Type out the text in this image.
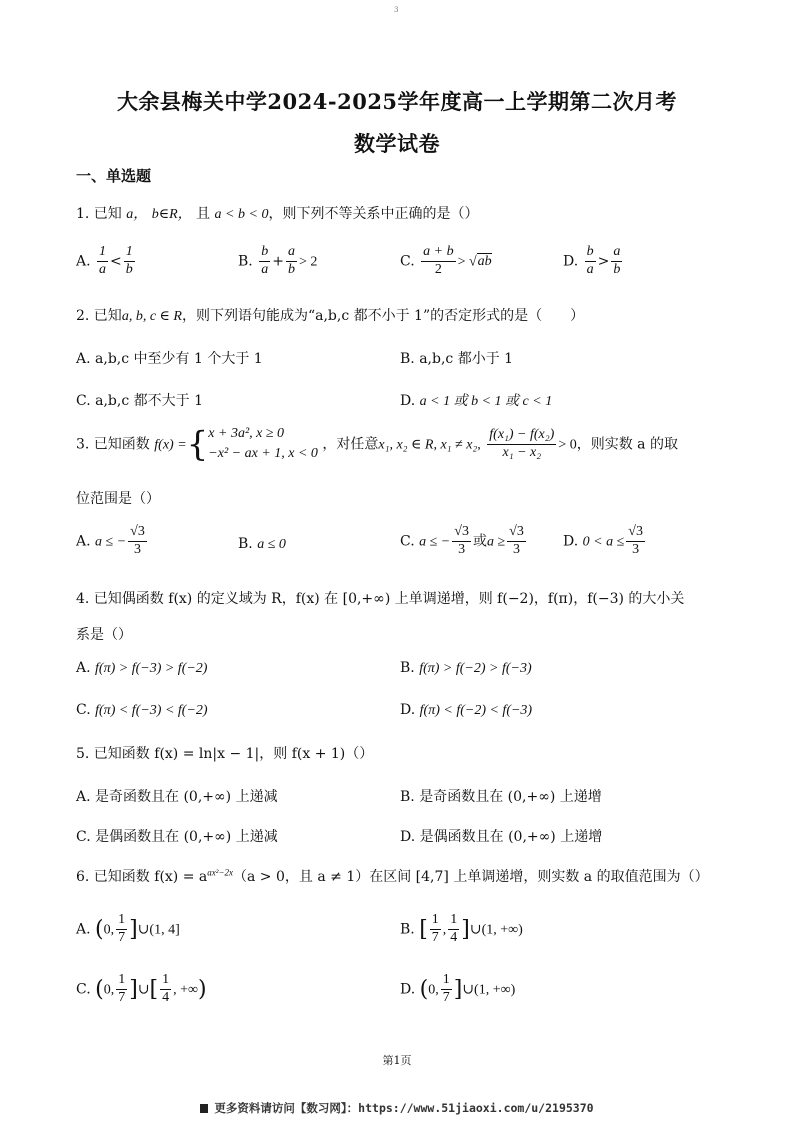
3
大余县梅关中学2024-2025学年度高一上学期第二次月考
数学试卷
一、单选题
1. 已知 a， b∈R， 且 a < b < 0，则下列不等关系中正确的是（）
A. $\frac{1}{a} < \frac{1}{b}$	B. $\frac{b}{a} + \frac{a}{b} > 2$	C. $\frac{a + b}{2} > √ab$	D. $\frac{b}{a} > \frac{a}{b}$
2. 已知a, b, c ∈ R，则下列语句能成为“a,b,c 都不小于 1”的否定形式的是（　　）
A. a,b,c 中至少有 1 个大于 1	B. a,b,c 都小于 1
C. a,b,c 都不大于 1	D. a < 1 或 b < 1 或 c < 1
3. 已知函数 f(x) ={x + 3a², x ≥ 0
−x² − ax + 1, x < 0 ，对任意x₁, x₂ ∈ R, x₁ ≠ x₂, $\frac{\text{f(x₁) − f(x₂)}}{\text{x₁ − x₂}} > 0$，则实数 a 的取
位范围是（）
A. a ≤ − $\frac{√3}{3}$	B. a ≤ 0	C. a ≤ − $\frac{√3}{3}$ 或$a \ge \frac{√3}{3}$	D. $0 < a \le \frac{√3}{3}$
4. 已知偶函数 f(x) 的定义域为 R，f(x) 在 [0,+∞) 上单调递增，则 f(−2)，f(π)，f(−3) 的大小关
系是（）
A. f(π) > f(−3) > f(−2)	B. f(π) > f(−2) > f(−3)
C. f(π) < f(−3) < f(−2)	D. f(π) < f(−2) < f(−3)
5. 已知函数 f(x) = ln|x − 1|，则 f(x + 1)（）
A. 是奇函数且在 (0,+∞) 上递减	B. 是奇函数且在 (0,+∞) 上递增
C. 是偶函数且在 (0,+∞) 上递减	D. 是偶函数且在 (0,+∞) 上递增
6. 已知函数 $f(x) = a^{ax^2-2x}(a > 0$，且 a ≠ 1）在区间 [4,7] 上单调递增，则实数 a 的取值范围为（）
A. (0, $\frac{1}{7}$ ]∪(1, 4]	B. [ $\frac{1}{7}$ , $\frac{1}{4}$ ]∪(1, +∞)
C. (0, $\frac{1}{7}$ ]∪[ $\frac{1}{4}$ , +∞)	D. (0, $\frac{1}{7}$ ]∪(1, +∞)
第1页
更多资料请访问【数习网】：https://www.51jiaoxi.com/u/2195370
